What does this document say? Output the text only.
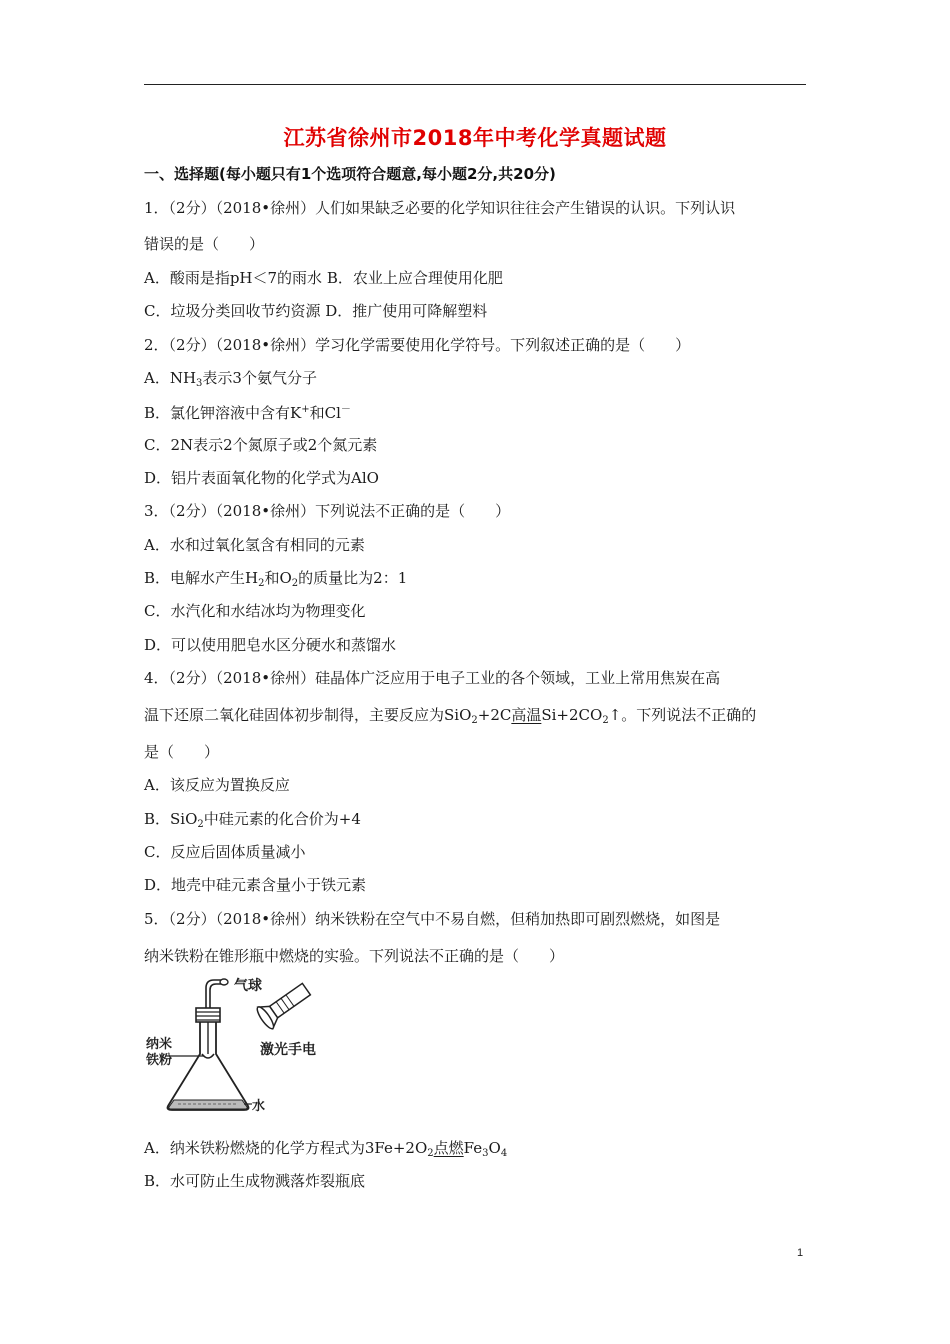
江苏省徐州市2018年中考化学真题试题
一、选择题(每小题只有1个选项符合题意,每小题2分,共20分)
1．（2分）（2018•徐州）人们如果缺乏必要的化学知识往往会产生错误的认识。下列认识
错误的是（　　）
A．酸雨是指pH＜7的雨水 B．农业上应合理使用化肥
C．垃圾分类回收节约资源 D．推广使用可降解塑料
2．（2分）（2018•徐州）学习化学需要使用化学符号。下列叙述正确的是（　　）
A．$NH_3$表示3个氨气分子
B．氯化钾溶液中含有K+和Cl－
C．2N表示2个氮原子或2个氮元素
D．铝片表面氧化物的化学式为AlO
3．（2分）（2018•徐州）下列说法不正确的是（　　）
A．水和过氧化氢含有相同的元素
B．电解水产生$H_2$和$O_2$的质量比为2：1
C．水汽化和水结冰均为物理变化
D．可以使用肥皂水区分硬水和蒸馏水
4．（2分）（2018•徐州）硅晶体广泛应用于电子工业的各个领域，工业上常用焦炭在高
温下还原二氧化硅固体初步制得，主要反应为SiO$_2$+2C高温$Si+2CO_2↑$。下列说法不正确的
是（　　）
A．该反应为置换反应
B．SiO$_2$中硅元素的化合价为+4
C．反应后固体质量减小
D．地壳中硅元素含量小于铁元素
5．（2分）（2018•徐州）纳米铁粉在空气中不易自燃，但稍加热即可剧烈燃烧，如图是
纳米铁粉在锥形瓶中燃烧的实验。下列说法不正确的是（　　）
气球
纳米
铁粉
激光手电
水
A．纳米铁粉燃烧的化学方程式为$3Fe+2O_2$点燃$Fe_3O_4$
B．水可防止生成物溅落炸裂瓶底
1
